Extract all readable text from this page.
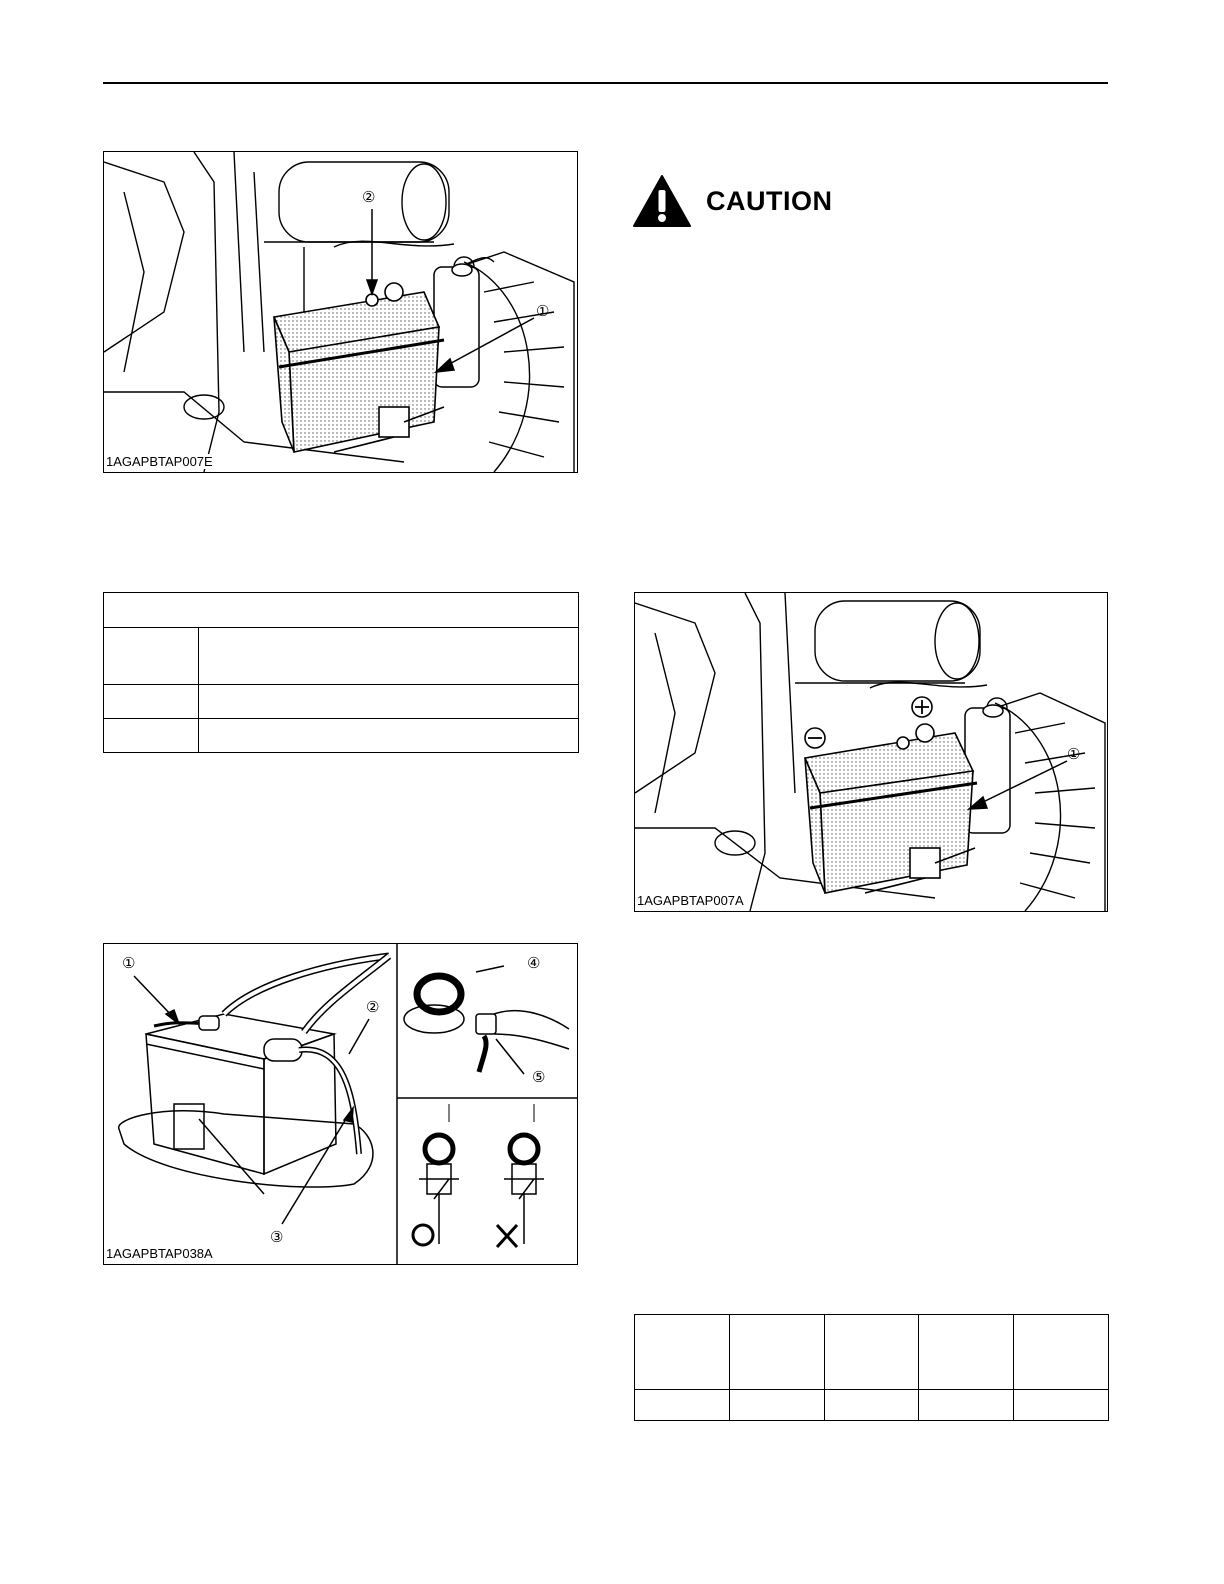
②
①
1AGAPBTAP007E

①
②
③
④
⑤
1AGAPBTAP038A
CAUTION
①
1AGAPBTAP007A
